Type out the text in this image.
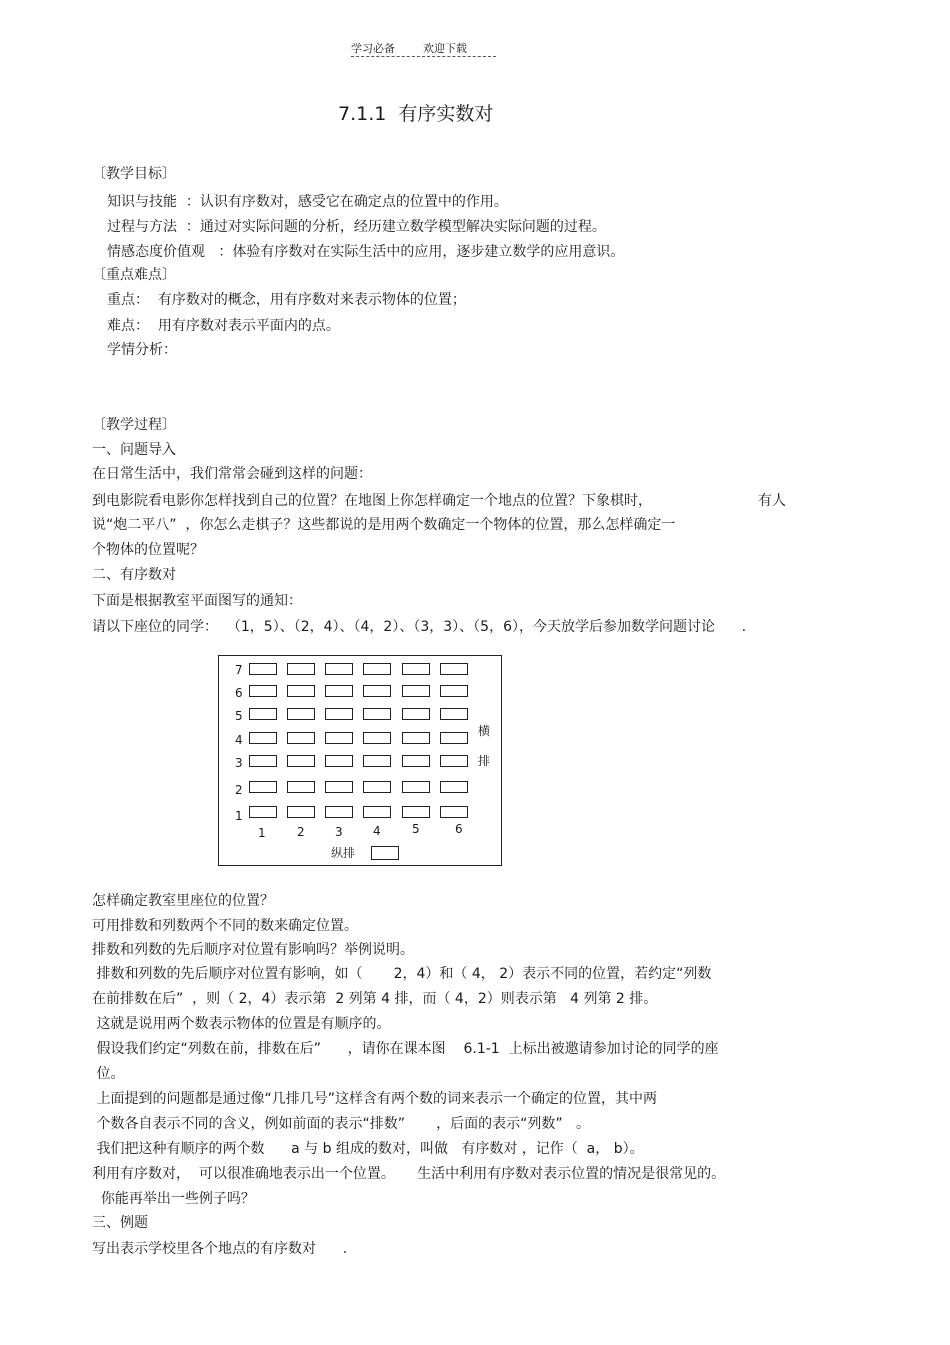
学习必备	欢迎下载
7.1.1  有序实数对
〔教学目标〕
知识与技能  ：认识有序数对，感受它在确定点的位置中的作用。
过程与方法  ：通过对实际问题的分析，经历建立数学模型解决实际问题的过程。
情感态度价值观   ：体验有序数对在实际生活中的应用，逐步建立数学的应用意识。
〔重点难点〕
重点：  有序数对的概念，用有序数对来表示物体的位置；
难点：  用有序数对表示平面内的点。
学情分析：
〔教学过程〕
一、问题导入
在日常生活中，我们常常会碰到这样的问题：
到电影院看电影你怎样找到自己的位置？在地图上你怎样确定一个地点的位置？下象棋时，	有人
说“炮二平八”  ，你怎么走棋子？这些都说的是用两个数确定一个物体的位置，那么怎样确定一
个物体的位置呢？
二、有序数对
下面是根据教室平面图写的通知：
请以下座位的同学：  （1，5）、（2，4）、（4，2）、（3，3）、（5，6），今天放学后参加数学问题讨论      .
7
6
5
4
3
2
1
1	2	3	4	5	6
横
排
纵排
怎样确定教室里座位的位置？
可用排数和列数两个不同的数来确定位置。
排数和列数的先后顺序对位置有影响吗？举例说明。
排数和列数的先后顺序对位置有影响，如（       2，4）和（ 4， 2）表示不同的位置，若约定“列数
在前排数在后”  ，则（ 2，4）表示第  2 列第 4 排，而（ 4，2）则表示第   4 列第 2 排。
这就是说用两个数表示物体的位置是有顺序的。
假设我们约定“列数在前，排数在后”      ，请你在课本图    6.1-1  上标出被邀请参加讨论的同学的座
位。
上面提到的问题都是通过像“几排几号”这样含有两个数的词来表示一个确定的位置，其中两
个数各自表示不同的含义，例如前面的表示“排数”       ，后面的表示“列数”   。
我们把这种有顺序的两个数      a 与 b 组成的数对，叫做   有序数对 ，记作（  a， b）。
利用有序数对，  可以很准确地表示出一个位置。     生活中利用有序数对表示位置的情况是很常见的。
你能再举出一些例子吗？
三、例题
写出表示学校里各个地点的有序数对      .
